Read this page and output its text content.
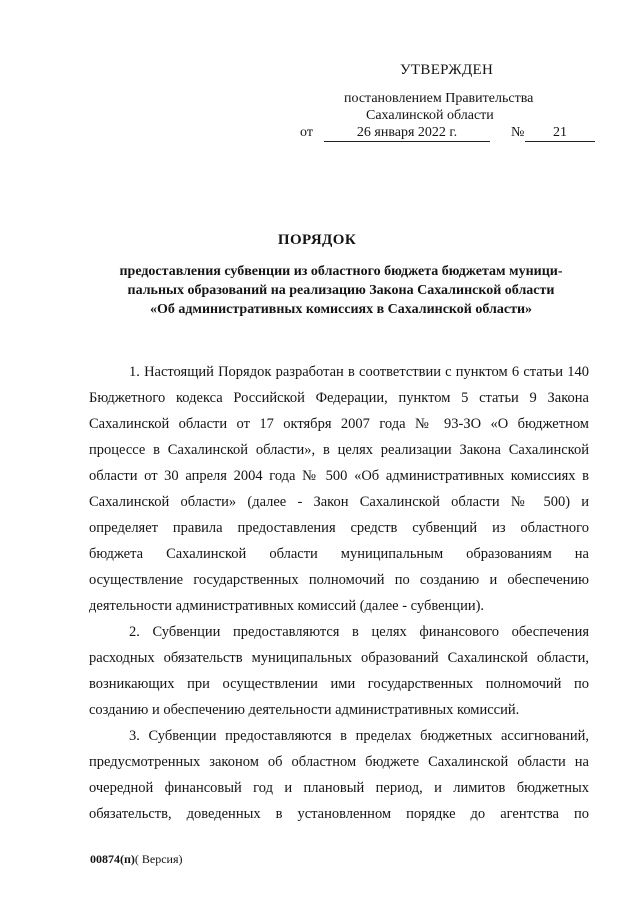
УТВЕРЖДЕН
постановлением Правительства
Сахалинской области
от	26 января 2022 г.	№	21
ПОРЯДОК
предоставления субвенции из областного бюджета бюджетам муници-
пальных образований на реализацию Закона Сахалинской области
«Об административных комиссиях в Сахалинской области»
1. Настоящий Порядок разработан в соответствии с пунктом 6 статьи 140
Бюджетного кодекса Российской Федерации, пунктом 5 статьи 9 Закона
Сахалинской области от 17 октября 2007 года № 93-ЗО «О бюджетном
процессе в Сахалинской области», в целях реализации Закона Сахалинской
области от 30 апреля 2004 года № 500 «Об административных комиссиях в
Сахалинской области» (далее - Закон Сахалинской области № 500) и
определяет правила предоставления средств субвенций из областного
бюджета Сахалинской области муниципальным образованиям на
осуществление государственных полномочий по созданию и обеспечению
деятельности административных комиссий (далее - субвенции).
2. Субвенции предоставляются в целях финансового обеспечения
расходных обязательств муниципальных образований Сахалинской области,
возникающих при осуществлении ими государственных полномочий по
созданию и обеспечению деятельности административных комиссий.
3. Субвенции предоставляются в пределах бюджетных ассигнований,
предусмотренных законом об областном бюджете Сахалинской области на
очередной финансовый год и плановый период, и лимитов бюджетных
обязательств, доведенных в установленном порядке до агентства по
00874(п)( Версия)
